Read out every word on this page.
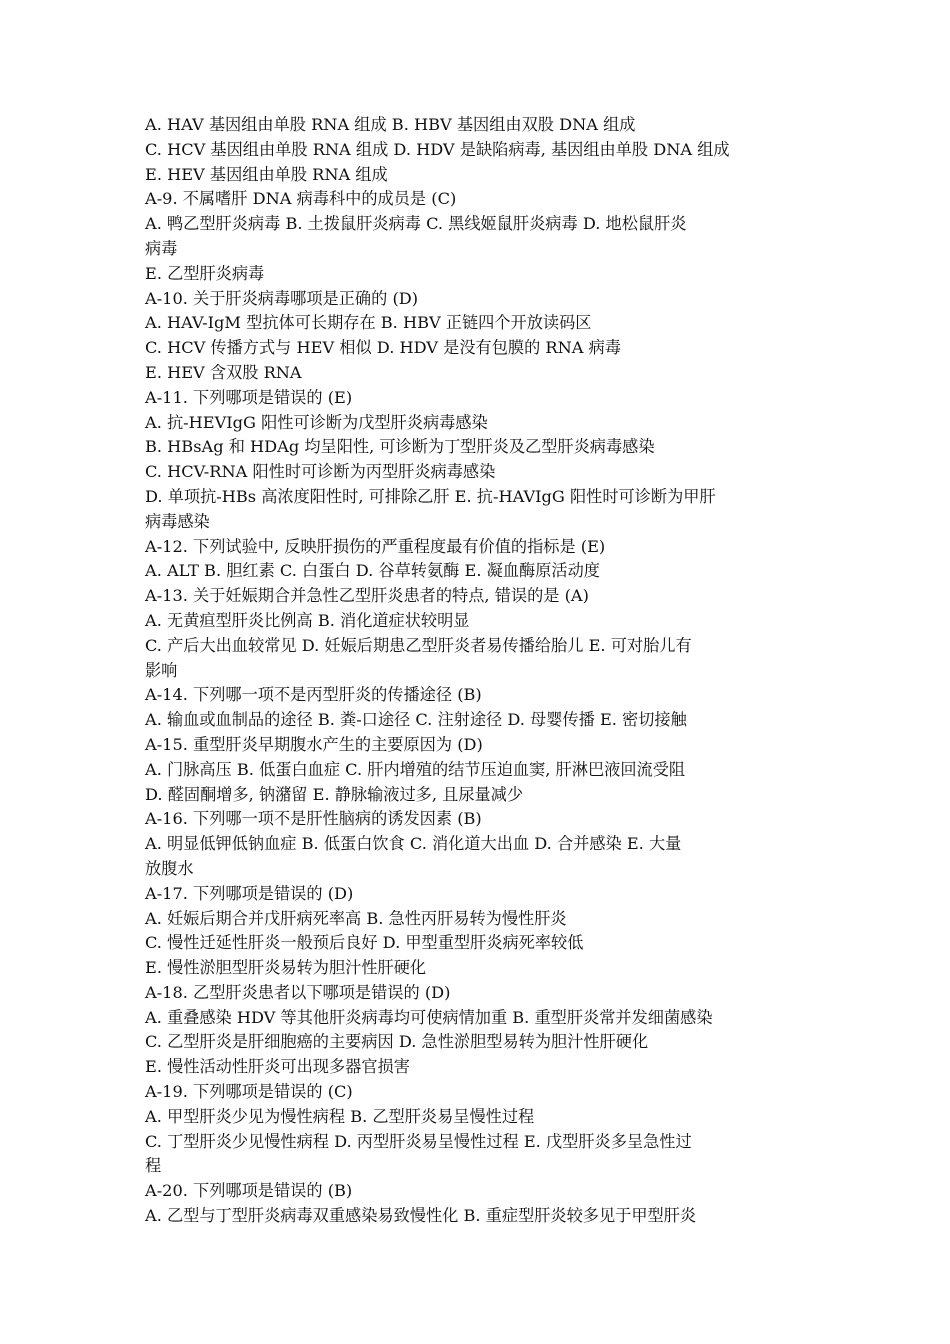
A. HAV 基因组由单股 RNA 组成 B. HBV 基因组由双股 DNA 组成
C. HCV 基因组由单股 RNA 组成 D. HDV 是缺陷病毒, 基因组由单股 DNA 组成
E. HEV 基因组由单股 RNA 组成
A-9. 不属嗜肝 DNA 病毒科中的成员是 (C)
A. 鸭乙型肝炎病毒 B. 土拨鼠肝炎病毒 C. 黑线姬鼠肝炎病毒 D. 地松鼠肝炎
病毒
E. 乙型肝炎病毒
A-10. 关于肝炎病毒哪项是正确的 (D)
A. HAV-IgM 型抗体可长期存在 B. HBV 正链四个开放读码区
C. HCV 传播方式与 HEV 相似 D. HDV 是没有包膜的 RNA 病毒
E. HEV 含双股 RNA
A-11. 下列哪项是错误的 (E)
A. 抗-HEVIgG 阳性可诊断为戊型肝炎病毒感染
B. HBsAg 和 HDAg 均呈阳性, 可诊断为丁型肝炎及乙型肝炎病毒感染
C. HCV-RNA 阳性时可诊断为丙型肝炎病毒感染
D. 单项抗-HBs 高浓度阳性时, 可排除乙肝 E. 抗-HAVIgG 阳性时可诊断为甲肝
病毒感染
A-12. 下列试验中, 反映肝损伤的严重程度最有价值的指标是 (E)
A. ALT B. 胆红素 C. 白蛋白 D. 谷草转氨酶 E. 凝血酶原活动度
A-13. 关于妊娠期合并急性乙型肝炎患者的特点, 错误的是 (A)
A. 无黄疸型肝炎比例高 B. 消化道症状较明显
C. 产后大出血较常见 D. 妊娠后期患乙型肝炎者易传播给胎儿 E. 可对胎儿有
影响
A-14. 下列哪一项不是丙型肝炎的传播途径 (B)
A. 输血或血制品的途径 B. 粪-口途径 C. 注射途径 D. 母婴传播 E. 密切接触
A-15. 重型肝炎早期腹水产生的主要原因为 (D)
A. 门脉高压 B. 低蛋白血症 C. 肝内增殖的结节压迫血窦, 肝淋巴液回流受阻
D. 醛固酮增多, 钠潴留 E. 静脉输液过多, 且尿量减少
A-16. 下列哪一项不是肝性脑病的诱发因素 (B)
A. 明显低钾低钠血症 B. 低蛋白饮食 C. 消化道大出血 D. 合并感染 E. 大量
放腹水
A-17. 下列哪项是错误的 (D)
A. 妊娠后期合并戊肝病死率高 B. 急性丙肝易转为慢性肝炎
C. 慢性迁延性肝炎一般预后良好 D. 甲型重型肝炎病死率较低
E. 慢性淤胆型肝炎易转为胆汁性肝硬化
A-18. 乙型肝炎患者以下哪项是错误的 (D)
A. 重叠感染 HDV 等其他肝炎病毒均可使病情加重 B. 重型肝炎常并发细菌感染
C. 乙型肝炎是肝细胞癌的主要病因 D. 急性淤胆型易转为胆汁性肝硬化
E. 慢性活动性肝炎可出现多器官损害
A-19. 下列哪项是错误的 (C)
A. 甲型肝炎少见为慢性病程 B. 乙型肝炎易呈慢性过程
C. 丁型肝炎少见慢性病程 D. 丙型肝炎易呈慢性过程 E. 戊型肝炎多呈急性过
程
A-20. 下列哪项是错误的 (B)
A. 乙型与丁型肝炎病毒双重感染易致慢性化 B. 重症型肝炎较多见于甲型肝炎
